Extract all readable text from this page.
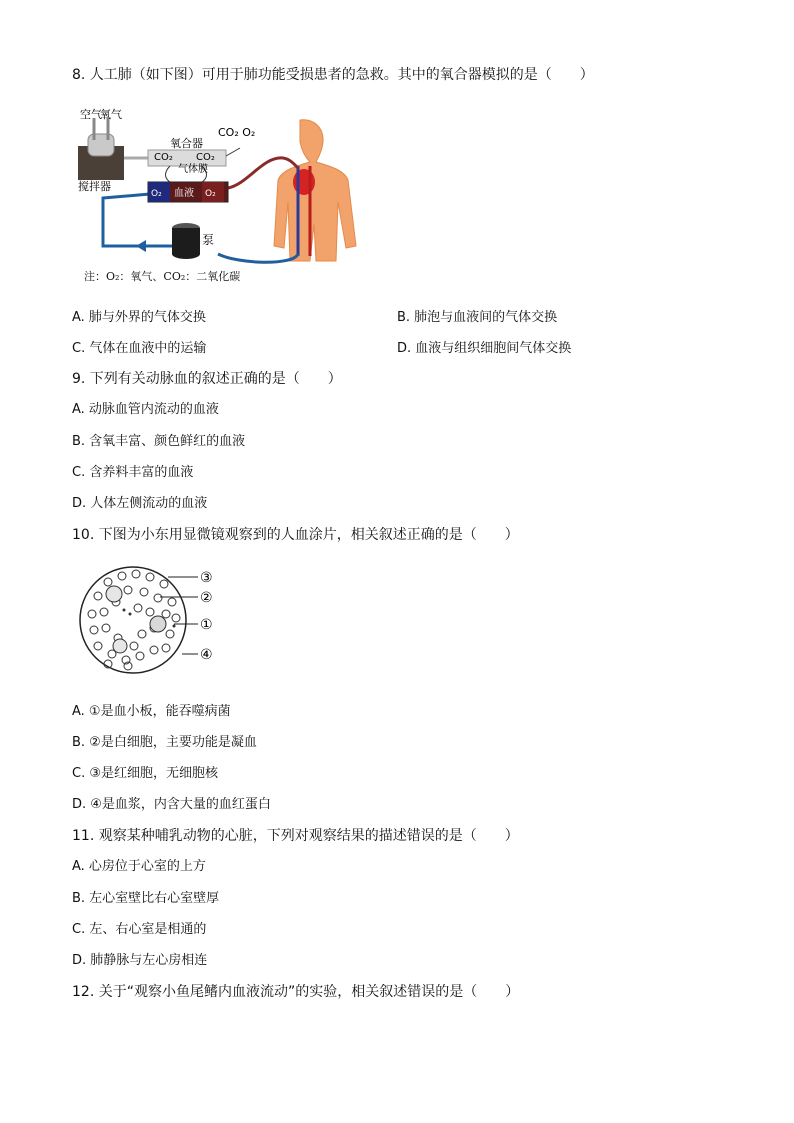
8. 人工肺（如下图）可用于肺功能受损患者的急救。其中的氧合器模拟的是（　　）
空气
氧气
氧合器
CO₂ O₂
CO₂
气体膜
CO₂
搅拌器
O₂ 血液 O₂
泵
注：O₂：氧气、CO₂：二氧化碳
A. 肺与外界的气体交换	B. 肺泡与血液间的气体交换
C. 气体在血液中的运输	D. 血液与组织细胞间气体交换
9. 下列有关动脉血的叙述正确的是（　　）
A. 动脉血管内流动的血液
B. 含氧丰富、颜色鲜红的血液
C. 含养料丰富的血液
D. 人体左侧流动的血液
10. 下图为小东用显微镜观察到的人血涂片，相关叙述正确的是（　　）
③
②
①
④
A. ①是血小板，能吞噬病菌
B. ②是白细胞，主要功能是凝血
C. ③是红细胞，无细胞核
D. ④是血浆，内含大量的血红蛋白
11. 观察某种哺乳动物的心脏，下列对观察结果的描述错误的是（　　）
A. 心房位于心室的上方
B. 左心室壁比右心室壁厚
C. 左、右心室是相通的
D. 肺静脉与左心房相连
12. 关于“观察小鱼尾鳍内血液流动”的实验，相关叙述错误的是（　　）
